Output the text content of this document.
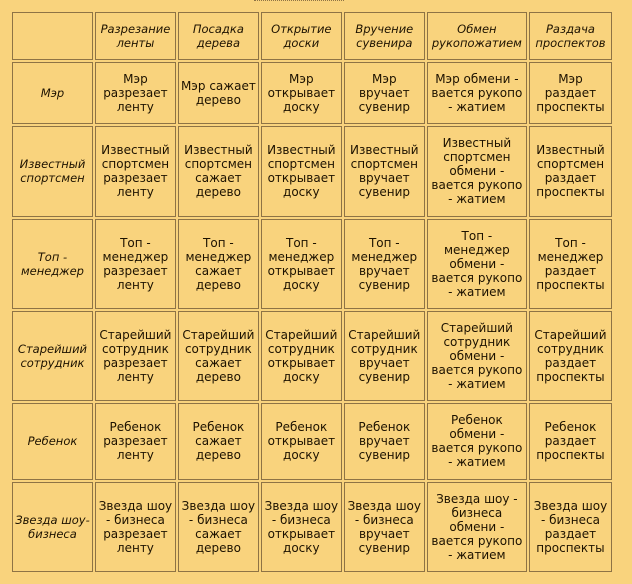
	Разрезание ленты	Посадка дерева	Открытие доски	Вручение сувенира	Обмен рукопожатием	Раздача проспектов
Мэр	Мэр разрезает ленту	Мэр сажает дерево	Мэр открывает доску	Мэр вручает сувенир	Мэр обмени - вается рукопо - жатием	Мэр раздает проспекты
Известный спортсмен	Известный спортсмен разрезает ленту	Известный спортсмен сажает дерево	Известный спортсмен открывает доску	Известный спортсмен вручает сувенир	Известный спортсмен обмени - вается рукопо - жатием	Известный спортсмен раздает проспекты
Топ - менеджер	Топ - менеджер разрезает ленту	Топ - менеджер сажает дерево	Топ - менеджер открывает доску	Топ - менеджер вручает сувенир	Топ - менеджер обмени - вается рукопо - жатием	Топ - менеджер раздает проспекты
Старейший сотрудник	Старейший сотрудник разрезает ленту	Старейший сотрудник сажает дерево	Старейший сотрудник открывает доску	Старейший сотрудник вручает сувенир	Старейший сотрудник обмени - вается рукопо - жатием	Старейший сотрудник раздает проспекты
Ребенок	Ребенок разрезает ленту	Ребенок сажает дерево	Ребенок открывает доску	Ребенок вручает сувенир	Ребенок обмени - вается рукопо - жатием	Ребенок раздает проспекты
Звезда шоу-бизнеса	Звезда шоу - бизнеса разрезает ленту	Звезда шоу - бизнеса сажает дерево	Звезда шоу - бизнеса открывает доску	Звезда шоу - бизнеса вручает сувенир	Звезда шоу - бизнеса обмени - вается рукопо - жатием	Звезда шоу - бизнеса раздает проспекты
